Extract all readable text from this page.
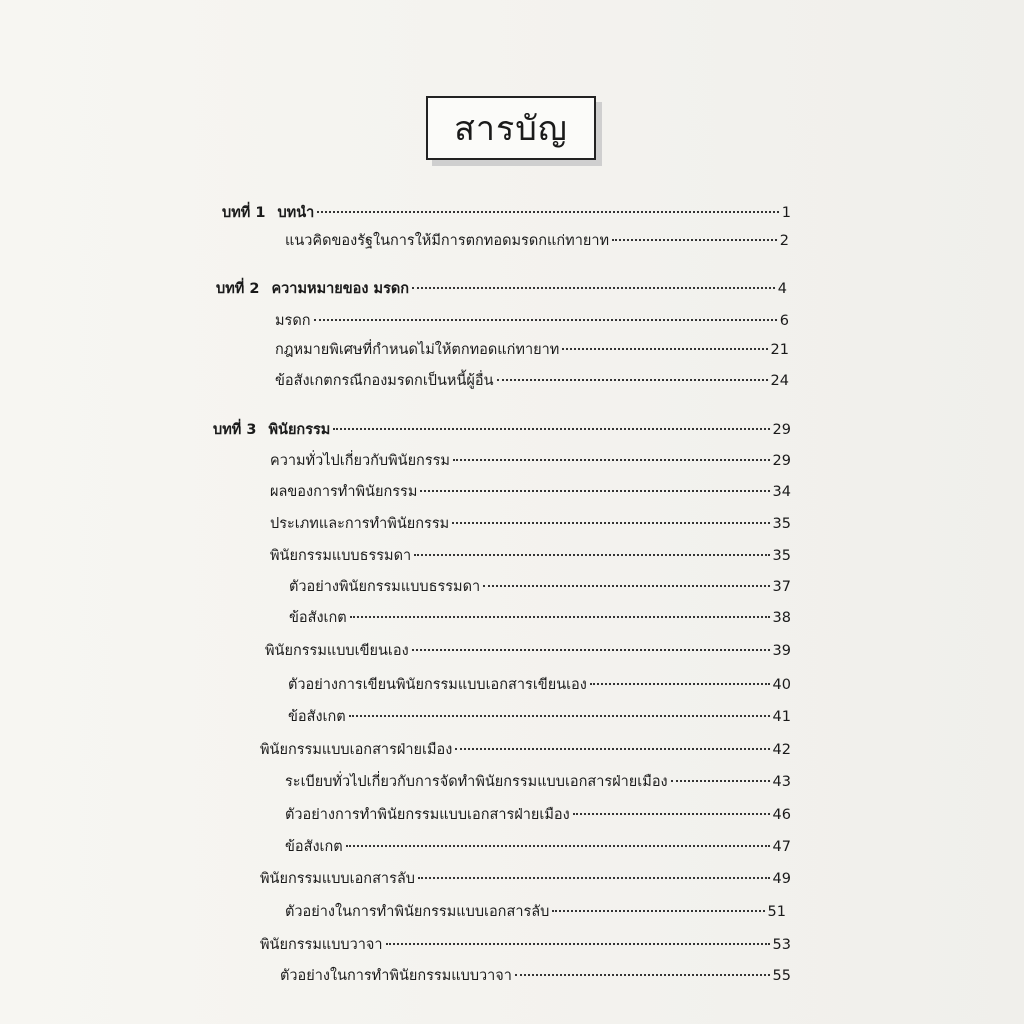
สารบัญ
บทที่ 1 บทนำ	1
แนวคิดของรัฐในการให้มีการตกทอดมรดกแก่ทายาท	2
บทที่ 2 ความหมายของ มรดก	4
มรดก	6
กฎหมายพิเศษที่กำหนดไม่ให้ตกทอดแก่ทายาท	21
ข้อสังเกตกรณีกองมรดกเป็นหนี้ผู้อื่น	24
บทที่ 3 พินัยกรรม	29
ความทั่วไปเกี่ยวกับพินัยกรรม	29
ผลของการทำพินัยกรรม	34
ประเภทและการทำพินัยกรรม	35
พินัยกรรมแบบธรรมดา	35
ตัวอย่างพินัยกรรมแบบธรรมดา	37
ข้อสังเกต	38
พินัยกรรมแบบเขียนเอง	39
ตัวอย่างการเขียนพินัยกรรมแบบเอกสารเขียนเอง	40
ข้อสังเกต	41
พินัยกรรมแบบเอกสารฝ่ายเมือง	42
ระเบียบทั่วไปเกี่ยวกับการจัดทำพินัยกรรมแบบเอกสารฝ่ายเมือง	43
ตัวอย่างการทำพินัยกรรมแบบเอกสารฝ่ายเมือง	46
ข้อสังเกต	47
พินัยกรรมแบบเอกสารลับ	49
ตัวอย่างในการทำพินัยกรรมแบบเอกสารลับ	51
พินัยกรรมแบบวาจา	53
ตัวอย่างในการทำพินัยกรรมแบบวาจา	55
